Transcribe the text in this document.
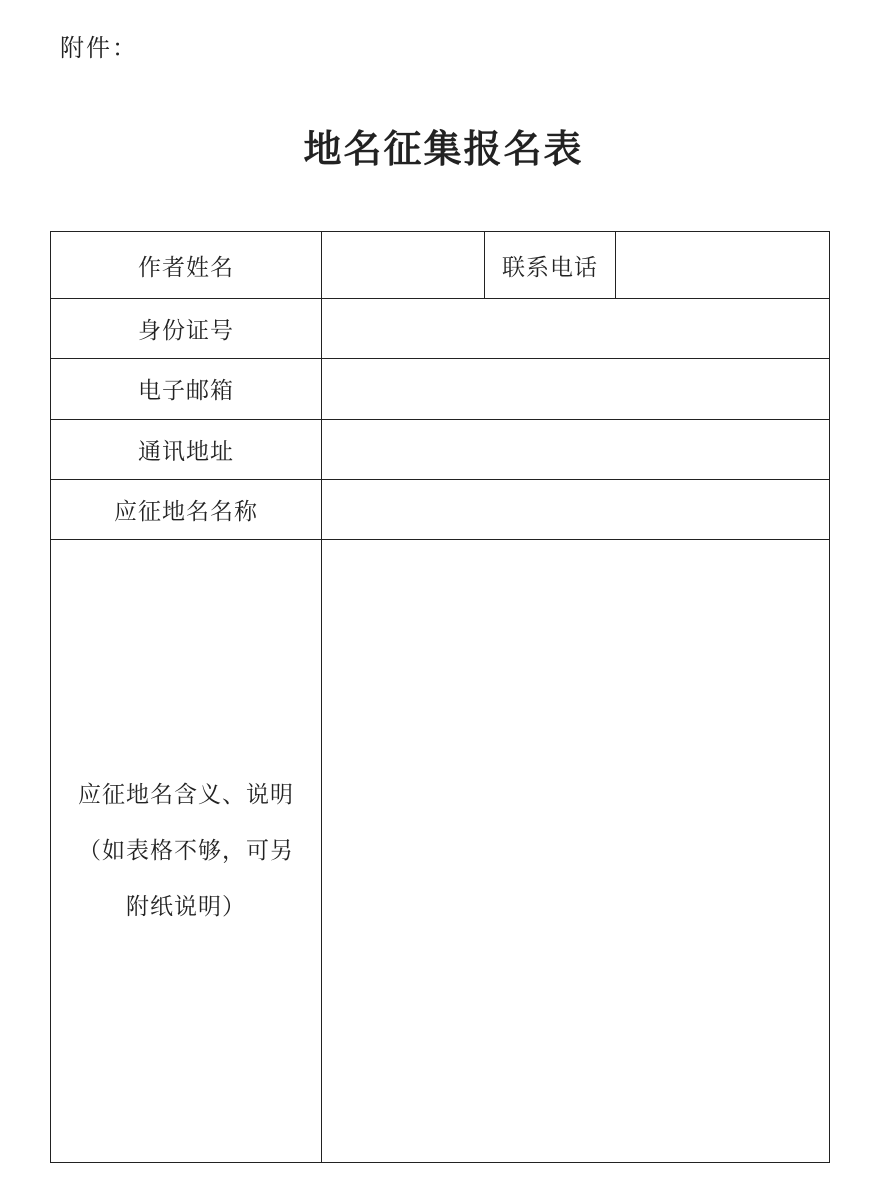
附件：
地名征集报名表
作者姓名		联系电话	
身份证号			
电子邮箱			
通讯地址			
应征地名名称			

应征地名含义、说明
（如表格不够，可另
附纸说明）			
